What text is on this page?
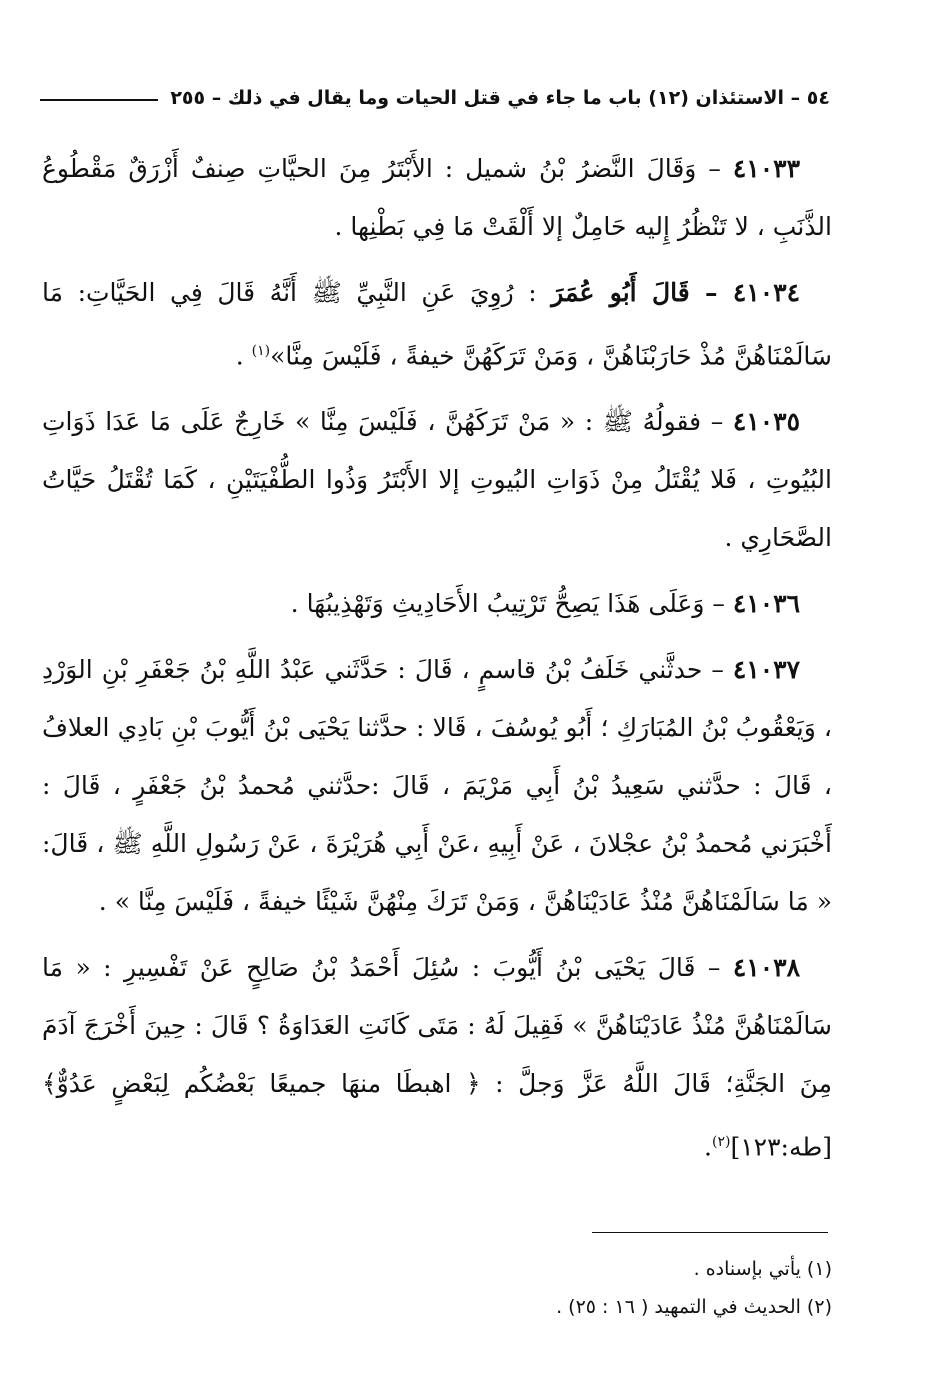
٥٤ – الاستئذان (١٢) باب ما جاء في قتل الحيات وما يقال في ذلك – ٢٥٥

٤١٠٣٣ – وَقَالَ النَّضرُ بْنُ شميل : الأَبْتَرُ مِنَ الحيَّاتِ صِنفٌ أَزْرَقٌ مَقْطُوعُ الذَّنَبِ ، لا تَنْظُرُ إِليه حَامِلٌ إلا أَلْقَتْ مَا فِي بَطْنِها .

٤١٠٣٤ – قَالَ أَبُو عُمَرَ : رُوِيَ عَنِ النَّبِيِّ ﷺ أَنَّهُ قَالَ فِي الحَيَّاتِ: مَا سَالَمْنَاهُنَّ مُذْ حَارَبْنَاهُنَّ ، وَمَنْ تَرَكَهُنَّ خيفةً ، فَلَيْسَ مِنَّا»$^{(١)}$ .

٤١٠٣٥ – فقولُهُ ﷺ : « مَنْ تَرَكَهُنَّ ، فَلَيْسَ مِنَّا » خَارِجٌ عَلَى مَا عَدَا ذَوَاتِ البُيُوتِ ، فَلا يُقْتَلُ مِنْ ذَوَاتِ البُيوتِ إلا الأَبْتَرُ وَذُوا الطُّفْيَتَيْنِ ، كَمَا تُقْتَلُ حَيَّاتُ الصَّحَارِي .

٤١٠٣٦ – وَعَلَى هَذَا يَصِحُّ تَرْتِيبُ الأَحَادِيثِ وَتَهْذِيبُهَا .

٤١٠٣٧ – حدثَّني خَلَفُ بْنُ قاسمٍ ، قَالَ : حَدَّثَني عَبْدُ اللَّهِ بْنُ جَعْفَرِ بْنِ الوَرْدِ ، وَيَعْقُوبُ بْنُ المُبَارَكِ ؛ أَبُو يُوسُفَ ، قَالا : حدَّثنا يَحْيَى بْنُ أَيُّوبَ بْنِ بَادِي العلافُ ، قَالَ : حدَّثني سَعِيدُ بْنُ أَبِي مَرْيَمَ ، قَالَ :حدَّثني مُحمدُ بْنُ جَعْفَرٍ ، قَالَ : أَخْبَرَني مُحمدُ بْنُ عجْلانَ ، عَنْ أَبِيهِ ،عَنْ أَبِي هُرَيْرَةَ ، عَنْ رَسُولِ اللَّهِ ﷺ ، قَالَ: « مَا سَالَمْنَاهُنَّ مُنْذُ عَادَيْنَاهُنَّ ، وَمَنْ تَرَكَ مِنْهُنَّ شَيْئًا خيفةً ، فَلَيْسَ مِنَّا » .

٤١٠٣٨ – قَالَ يَحْيَى بْنُ أَيُّوبَ : سُئِلَ أَحْمَدُ بْنُ صَالِحٍ عَنْ تَفْسِيرِ : « مَا سَالَمْنَاهُنَّ مُنْذُ عَادَيْنَاهُنَّ » فَقِيلَ لَهُ : مَتَى كَانَتِ العَدَاوَةُ ؟ قَالَ : حِينَ أَخْرَجَ آدَمَ مِنَ الجَنَّةِ؛ قَالَ اللَّهُ عَزَّ وَجلَّ : ﴿ اهبطَا منهَا جميعًا بَعْضُكُم لِبَعْضٍ عَدُوٌّ﴾[طه:١٢٣]$^{(٢)}$.

(١) يأتي بإسناده .

(٢) الحديث في التمهيد ( ١٦ : ٢٥) .
